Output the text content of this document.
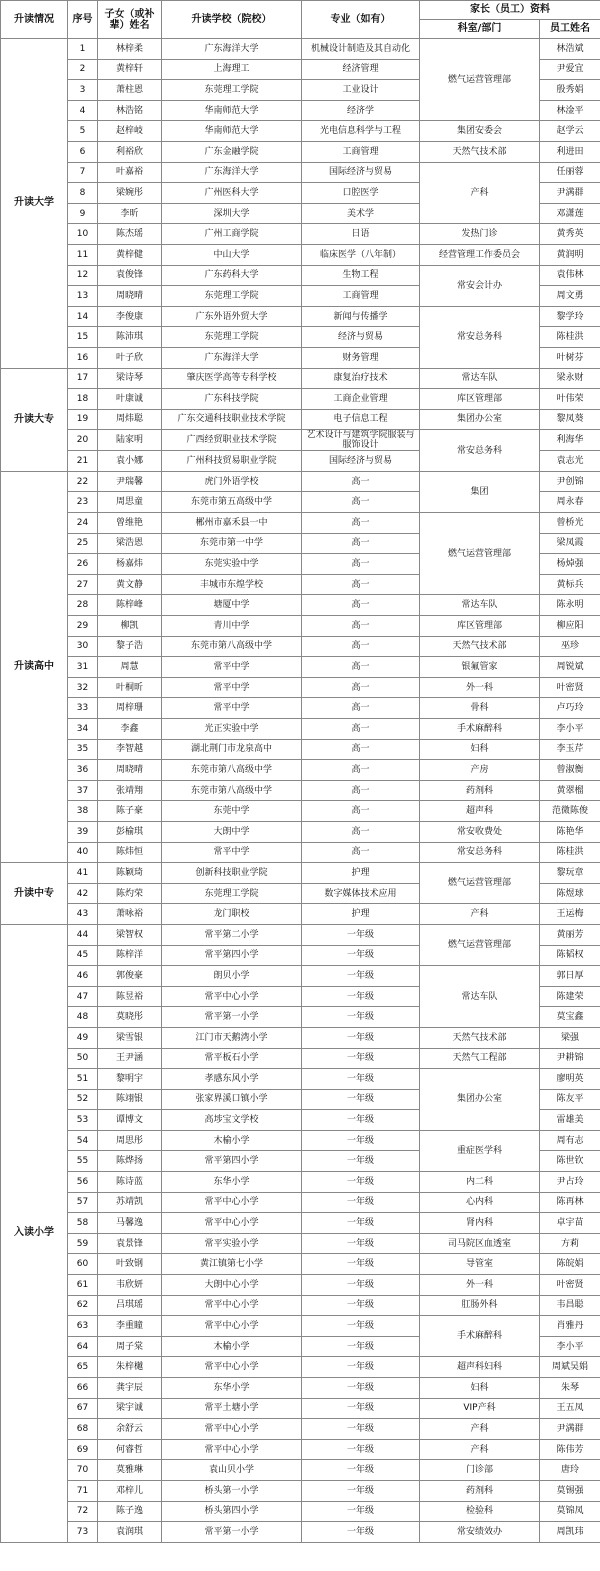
升读情况	序号	子女（或补辈）姓名	升读学校（院校）	专业（如有）	家长（员工）资料	
					科室/部门	员工姓名
升读大学	1	林梓柔	广东海洋大学	机械设计制造及其自动化	燃气运营管理部	林浩斌
	2	黄梓轩	上海理工	经济管理		尹爱宜
	3	萧柱恩	东莞理工学院	工业设计		殷秀娟
	4	林浩铭	华南师范大学	经济学		林淦平
	5	赵梓岐	华南师范大学	光电信息科学与工程	集团安委会	赵学云
	6	利裕欣	广东金融学院	工商管理	天然气技术部	利进田
	7	叶嘉裕	广东海洋大学	国际经济与贸易	产科	任丽蓉
	8	梁婉彤	广州医科大学	口腔医学		尹满群
	9	李昕	深圳大学	美术学		邓潇莲
	10	陈杰瑶	广州工商学院	日语	发热门诊	黄秀英
	11	黄梓健	中山大学	临床医学（八年制）	经营管理工作委员会	黄润明
	12	袁俊锋	广东药科大学	生物工程	常安会计办	袁伟林
	13	周晓晴	东莞理工学院	工商管理		周文勇
	14	李俊康	广东外语外贸大学	新闻与传播学	常安总务科	黎学玲
	15	陈沛琪	东莞理工学院	经济与贸易		陈桂洪
	16	叶子欣	广东海洋大学	财务管理		叶树芬
升读大专	17	梁诗琴	肇庆医学高等专科学校	康复治疗技术	常达车队	梁永财
	18	叶康诚	广东科技学院	工商企业管理	库区管理部	叶伟荣
	19	周炜聪	广东交通科技职业技术学院	电子信息工程	集团办公室	黎凤葵
	20	陆家明	广西经贸职业技术学院	艺术设计与建筑学院服装与服饰设计	常安总务科	利海华
	21	袁小娜	广州科技贸易职业学院	国际经济与贸易		袁志光
升读高中	22	尹瑞馨	虎门外语学校	高一	集团	尹创锦
	23	周思童	东莞市第五高级中学	高一		周永春
	24	曾维艳	郴州市嘉禾县一中	高一	燃气运营管理部	曾桥光
	25	梁浩恩	东莞市第一中学	高一		梁凤霞
	26	杨嘉炜	东莞实验中学	高一		杨焯强
	27	黄文静	丰城市东煌学校	高一		黄标兵
	28	陈梓峰	塘厦中学	高一	常达车队	陈永明
	29	柳凯	青川中学	高一	库区管理部	柳应阳
	30	黎子浩	东莞市第八高级中学	高一	天然气技术部	巫珍
	31	周慧	常平中学	高一	银氟管家	周锐斌
	32	叶桐昕	常平中学	高一	外一科	叶密贤
	33	周梓珊	常平中学	高一	骨科	卢巧玲
	34	李鑫	光正实验中学	高一	手术麻醉科	李小平
	35	李智越	湖北荆门市龙泉高中	高一	妇科	李玉芹
	36	周晓晴	东莞市第八高级中学	高一	产房	曾淑衡
	37	张靖翔	东莞市第八高级中学	高一	药剂科	黄翠榴
	38	陈子豪	东莞中学	高一	超声科	范微陈俊
	39	彭榆琪	大朗中学	高一	常安收费处	陈艳华
	40	陈炜恒	常平中学	高一	常安总务科	陈桂洪
升读中专	41	陈颖琦	创新科技职业学院	护理	燃气运营管理部	黎玩章
	42	陈灼荣	东莞理工学院	数字媒体技术应用		陈煜球
	43	萧咏裕	龙门职校	护理	产科	王运梅
入读小学	44	梁智权	常平第二小学	一年级	燃气运营管理部	黄丽芳
	45	陈梓洋	常平第四小学	一年级		陈韬权
	46	郭俊豪	朗贝小学	一年级	常达车队	郭日厚
	47	陈昱裕	常平中心小学	一年级		陈建荣
	48	莫晓彤	常平第一小学	一年级		莫宝鑫
	49	梁雪银	江门市天鹅湾小学	一年级	天然气技术部	梁强
	50	王尹涵	常平板石小学	一年级	天然气工程部	尹耕锦
	51	黎明宇	孝感东风小学	一年级	集团办公室	廖明英
	52	陈翊银	张家界溪口镇小学	一年级		陈友平
	53	谭博文	高埗宝文学校	一年级		雷雄美
	54	周思彤	木榆小学	一年级	重症医学科	周有志
	55	陈烨扬	常平第四小学	一年级		陈世钦
	56	陈诗蓝	东华小学	一年级	内二科	尹占玲
	57	苏靖凯	常平中心小学	一年级	心内科	陈再林
	58	马馨逸	常平中心小学	一年级	肾内科	卓宇苗
	59	袁景锋	常平实验小学	一年级	司马院区血透室	方莉
	60	叶致钢	黄江镇第七小学	一年级	导管室	陈皖娟
	61	韦欣妍	大朗中心小学	一年级	外一科	叶密贤
	62	吕琪瑶	常平中心小学	一年级	肛肠外科	韦昌聪
	63	李重瞳	常平中心小学	一年级	手术麻醉科	肖雅丹
	64	周子棠	木榆小学	一年级		李小平
	65	朱梓樾	常平中心小学	一年级	超声科妇科	周斌吴娟
	66	龚宇辰	东华小学	一年级	妇科	朱琴
	67	梁宇诚	常平土塘小学	一年级	VIP产科	王五凤
	68	余舒云	常平中心小学	一年级	产科	尹满群
	69	何睿哲	常平中心小学	一年级	产科	陈伟芳
	70	莫雅琳	袁山贝小学	一年级	门诊部	唐玲
	71	邓梓儿	桥头第一小学	一年级	药剂科	莫锡强
	72	陈子逸	桥头第四小学	一年级	检验科	莫锦凤
	73	袁润琪	常平第一小学	一年级	常安绩效办	周凯玮
